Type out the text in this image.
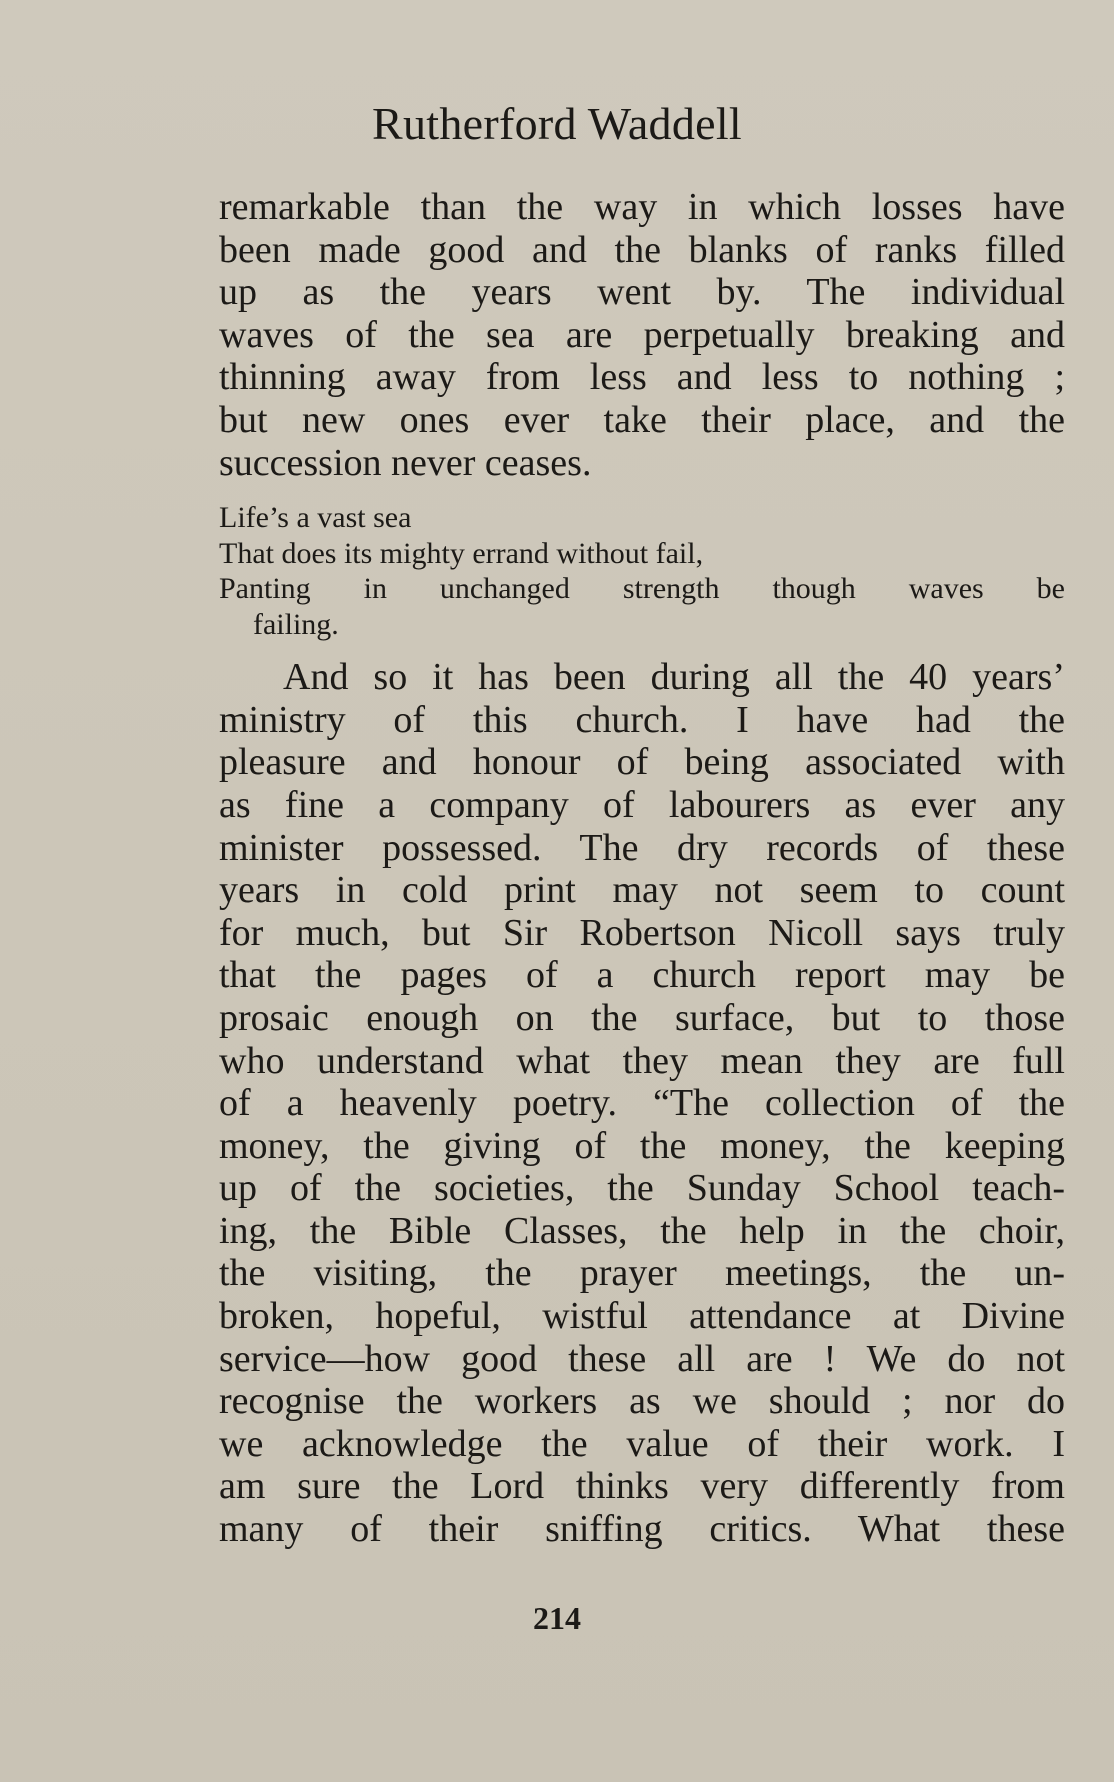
Rutherford Waddell

remarkable than the way in which losses have
been made good and the blanks of ranks filled
up as the years went by. The individual
waves of the sea are perpetually breaking and
thinning away from less and less to nothing ;
but new ones ever take their place, and the
succession never ceases.

Life’s a vast sea
That does its mighty errand without fail,
Panting in unchanged strength though waves be
failing.

And so it has been during all the 40 years’
ministry of this church. I have had the
pleasure and honour of being associated with
as fine a company of labourers as ever any
minister possessed. The dry records of these
years in cold print may not seem to count
for much, but Sir Robertson Nicoll says truly
that the pages of a church report may be
prosaic enough on the surface, but to those
who understand what they mean they are full
of a heavenly poetry. “The collection of the
money, the giving of the money, the keeping
up of the societies, the Sunday School teach-
ing, the Bible Classes, the help in the choir,
the visiting, the prayer meetings, the un-
broken, hopeful, wistful attendance at Divine
service—how good these all are ! We do not
recognise the workers as we should ; nor do
we acknowledge the value of their work. I
am sure the Lord thinks very differently from
many of their sniffing critics. What these

214
